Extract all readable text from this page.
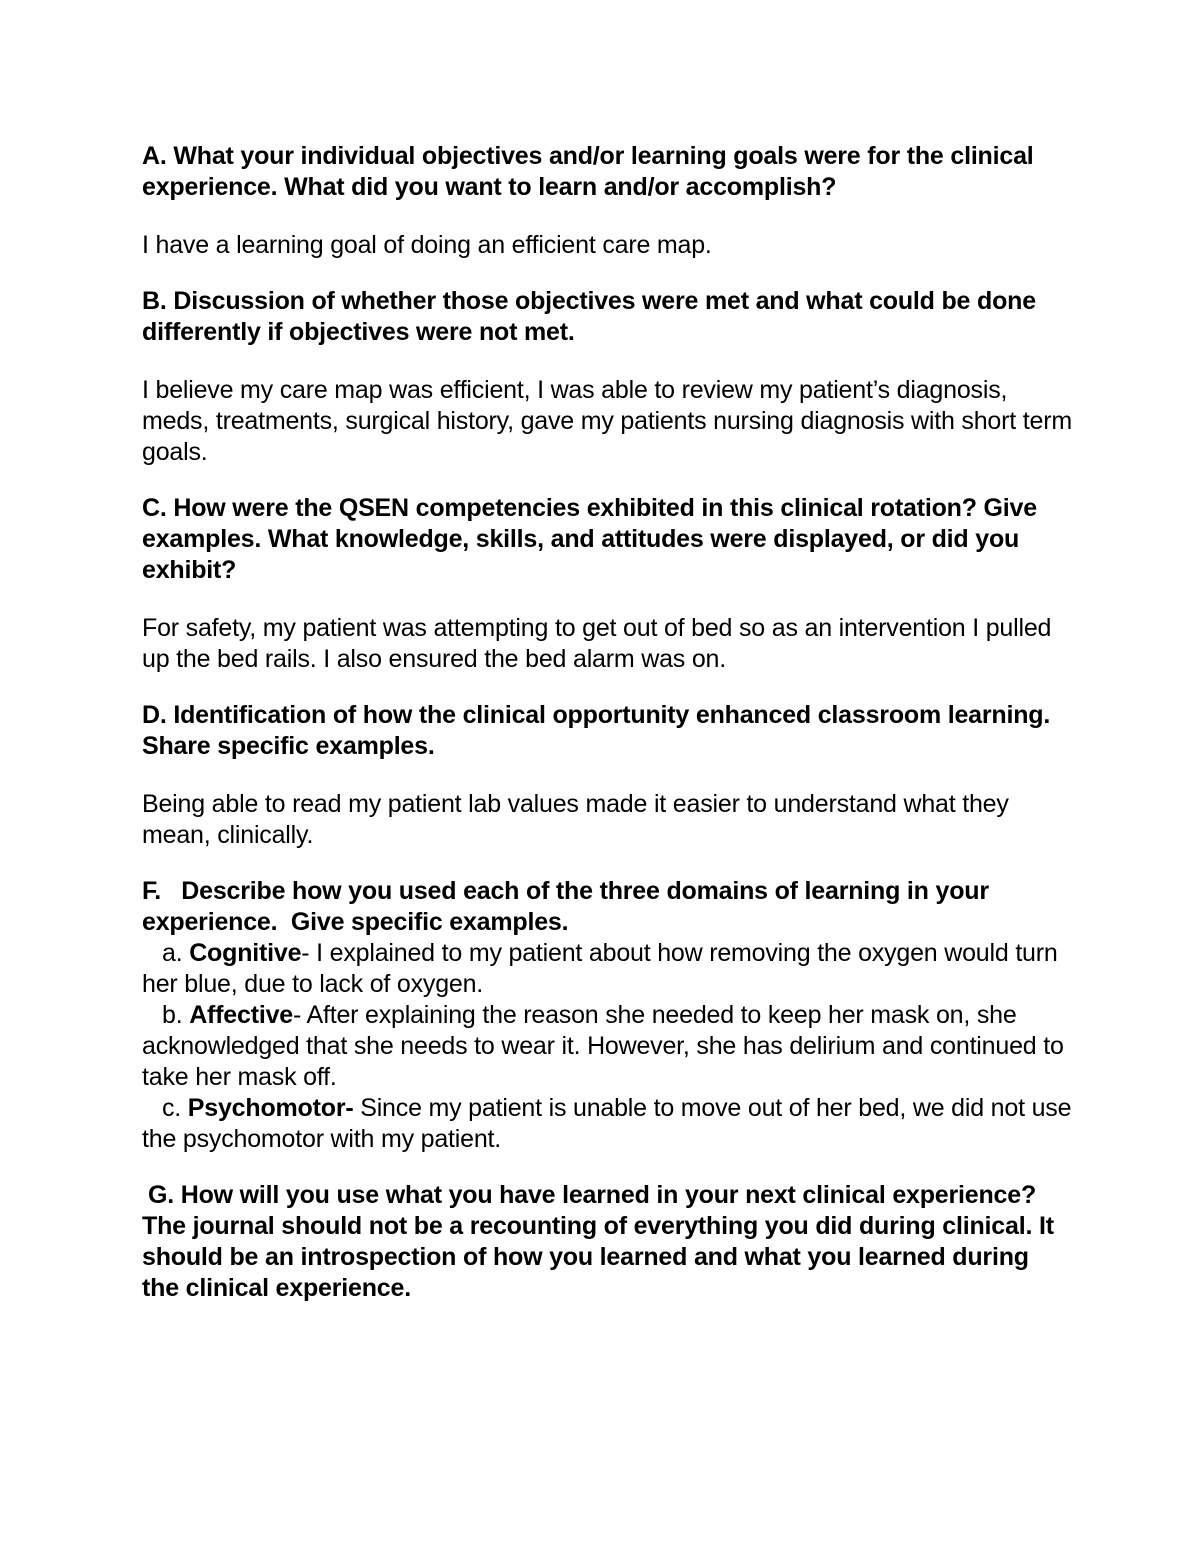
A. What your individual objectives and/or learning goals were for the clinical experience. What did you want to learn and/or accomplish?

I have a learning goal of doing an efficient care map.

B. Discussion of whether those objectives were met and what could be done differently if objectives were not met.

I believe my care map was efficient, I was able to review my patient’s diagnosis, meds, treatments, surgical history, gave my patients nursing diagnosis with short term goals.

C. How were the QSEN competencies exhibited in this clinical rotation? Give examples. What knowledge, skills, and attitudes were displayed, or did you exhibit?

For safety, my patient was attempting to get out of bed so as an intervention I pulled up the bed rails. I also ensured the bed alarm was on.

D. Identification of how the clinical opportunity enhanced classroom learning. Share specific examples.

Being able to read my patient lab values made it easier to understand what they mean, clinically.

F.   Describe how you used each of the three domains of learning in your experience.  Give specific examples.

a. Cognitive- I explained to my patient about how removing the oxygen would turn her blue, due to lack of oxygen.

b. Affective- After explaining the reason she needed to keep her mask on, she acknowledged that she needs to wear it. However, she has delirium and continued to take her mask off.

c. Psychomotor- Since my patient is unable to move out of her bed, we did not use the psychomotor with my patient.

G. How will you use what you have learned in your next clinical experience? The journal should not be a recounting of everything you did during clinical. It should be an introspection of how you learned and what you learned during the clinical experience.
